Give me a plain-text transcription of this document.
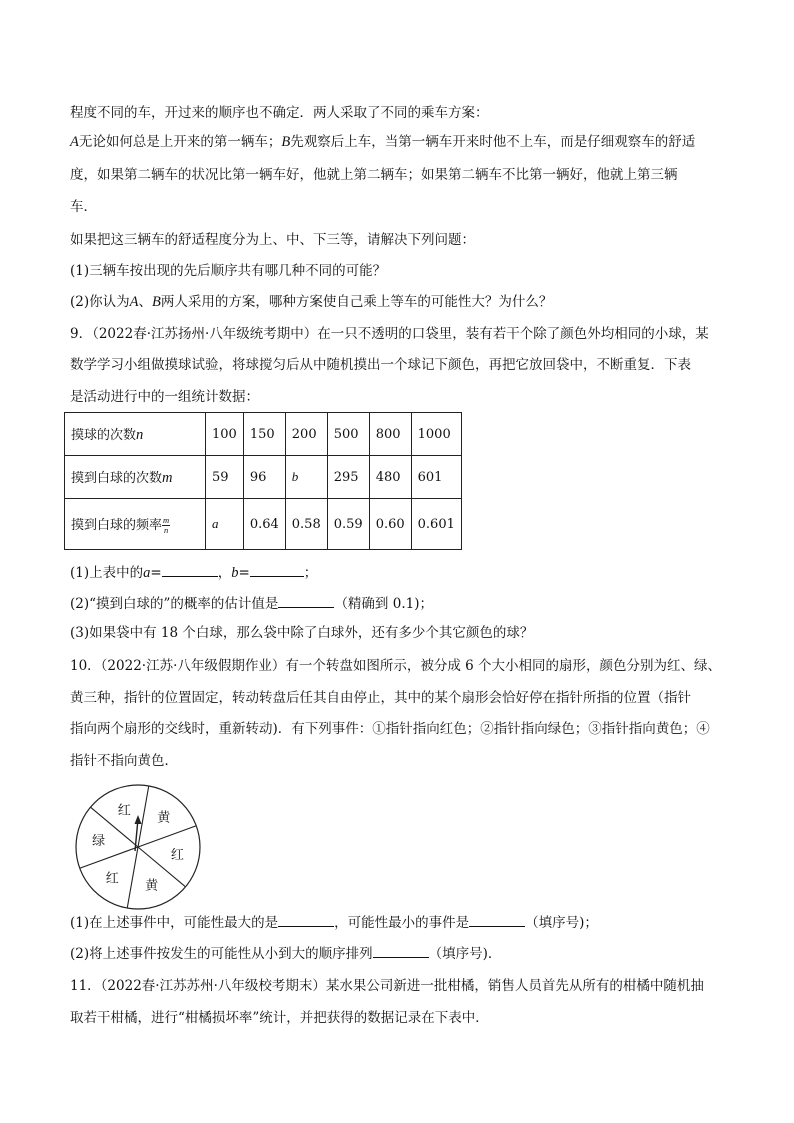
程度不同的车，开过来的顺序也不确定．两人采取了不同的乘车方案：
A无论如何总是上开来的第一辆车；B先观察后上车，当第一辆车开来时他不上车，而是仔细观察车的舒适
度，如果第二辆车的状况比第一辆车好，他就上第二辆车；如果第二辆车不比第一辆好，他就上第三辆
车．
如果把这三辆车的舒适程度分为上、中、下三等，请解决下列问题：
(1)三辆车按出现的先后顺序共有哪几种不同的可能？
(2)你认为A、B两人采用的方案，哪种方案使自己乘上等车的可能性大？为什么？
9．（2022春·江苏扬州·八年级统考期中）在一只不透明的口袋里，装有若干个除了颜色外均相同的小球，某
数学学习小组做摸球试验，将球搅匀后从中随机摸出一个球记下颜色，再把它放回袋中，不断重复．下表
是活动进行中的一组统计数据：
摸球的次数n	100	150	200	500	800	1000
摸到白球的次数m	59	96	b	295	480	601
摸到白球的频率 $\frac{m}{n}$	a	0.64	0.58	0.59	0.60	0.601
(1)上表中的a=	，b=	；
(2)“摸到白球的”的概率的估计值是	（精确到 0.1)；
(3)如果袋中有 18 个白球，那么袋中除了白球外，还有多少个其它颜色的球？
10．（2022·江苏·八年级假期作业）有一个转盘如图所示，被分成 6 个大小相同的扇形，颜色分别为红、绿、
黄三种，指针的位置固定，转动转盘后任其自由停止，其中的某个扇形会恰好停在指针所指的位置（指针
指向两个扇形的交线时，重新转动)．有下列事件：①指针指向红色；②指针指向绿色；③指针指向黄色；④
指针不指向黄色．
绿
红 黄
红
黄
红
(1)在上述事件中，可能性最大的是	，可能性最小的事件是	（填序号)；
(2)将上述事件按发生的可能性从小到大的顺序排列	（填序号)．
11．（2022春·江苏苏州·八年级校考期末）某水果公司新进一批柑橘，销售人员首先从所有的柑橘中随机抽
取若干柑橘，进行“柑橘损坏率”统计，并把获得的数据记录在下表中．
